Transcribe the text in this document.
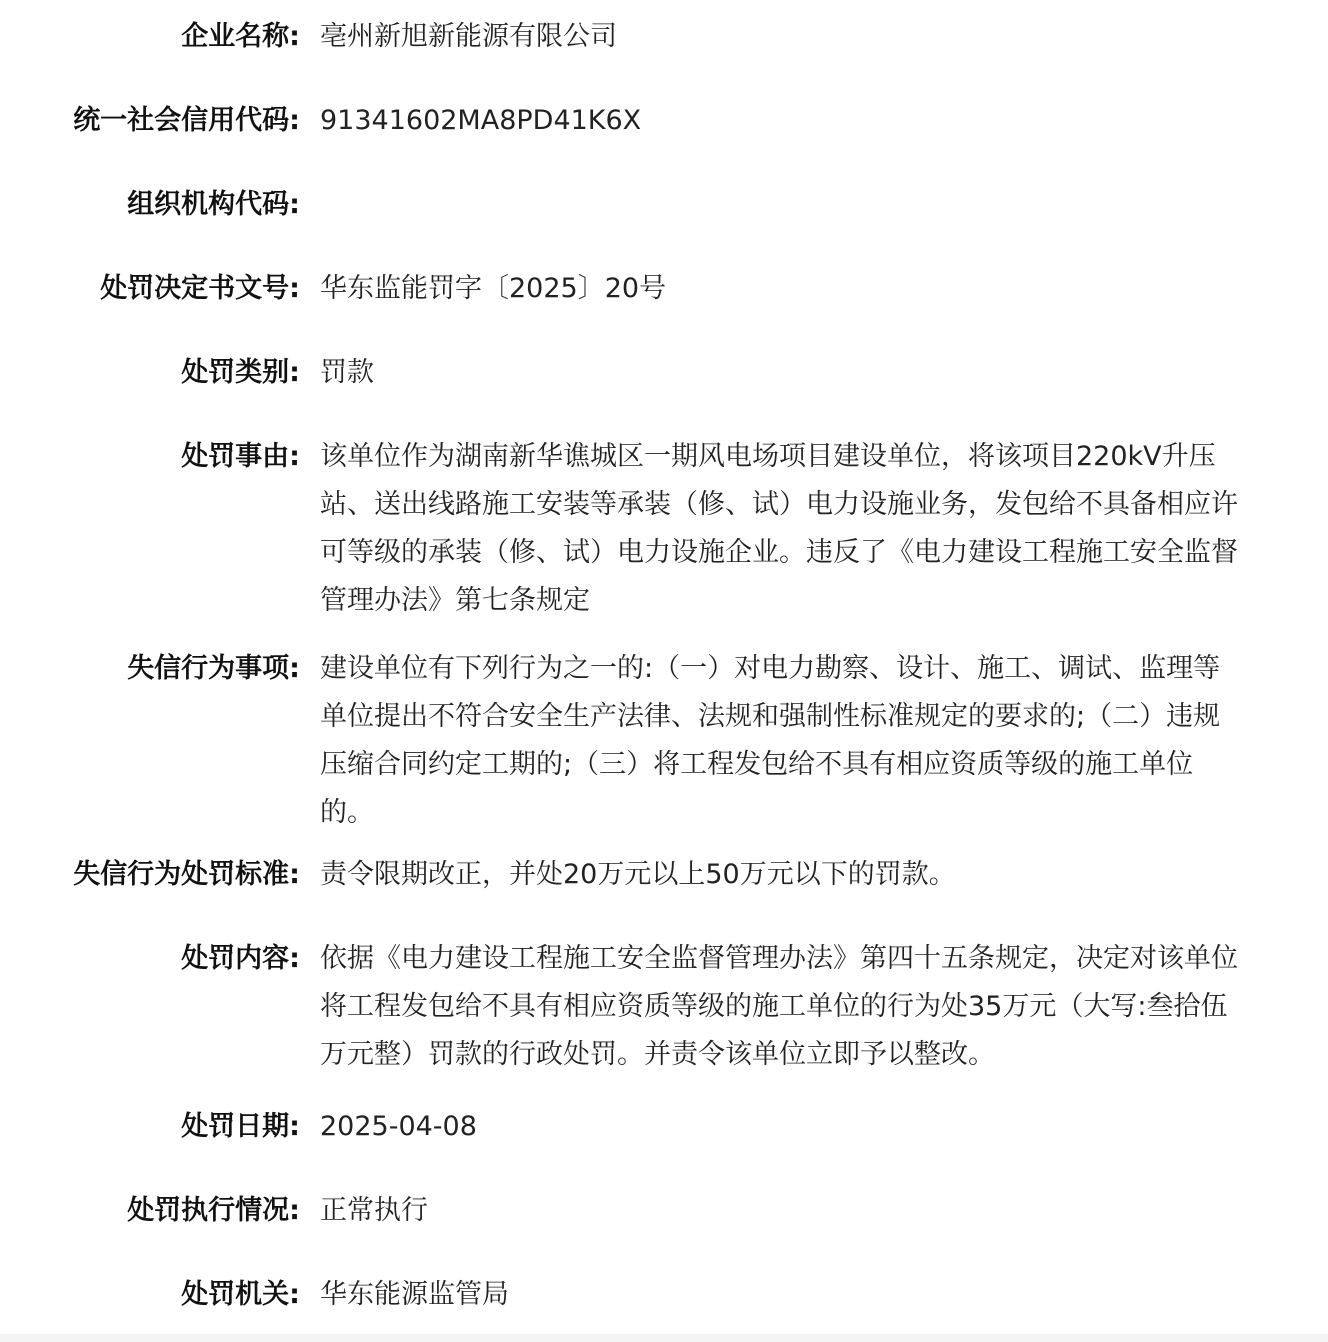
企业名称: 亳州新旭新能源有限公司
统一社会信用代码: 91341602MA8PD41K6X
组织机构代码:
处罚决定书文号: 华东监能罚字〔2025〕20号
处罚类别: 罚款
处罚事由: 该单位作为湖南新华谯城区一期风电场项目建设单位，将该项目220kV升压站、送出线路施工安装等承装（修、试）电力设施业务，发包给不具备相应许可等级的承装（修、试）电力设施企业。违反了《电力建设工程施工安全监督管理办法》第七条规定
失信行为事项: 建设单位有下列行为之一的:（一）对电力勘察、设计、施工、调试、监理等单位提出不符合安全生产法律、法规和强制性标准规定的要求的;（二）违规压缩合同约定工期的;（三）将工程发包给不具有相应资质等级的施工单位的。
失信行为处罚标准: 责令限期改正，并处20万元以上50万元以下的罚款。
处罚内容: 依据《电力建设工程施工安全监督管理办法》第四十五条规定，决定对该单位将工程发包给不具有相应资质等级的施工单位的行为处35万元（大写:叁拾伍万元整）罚款的行政处罚。并责令该单位立即予以整改。
处罚日期: 2025-04-08
处罚执行情况: 正常执行
处罚机关: 华东能源监管局
